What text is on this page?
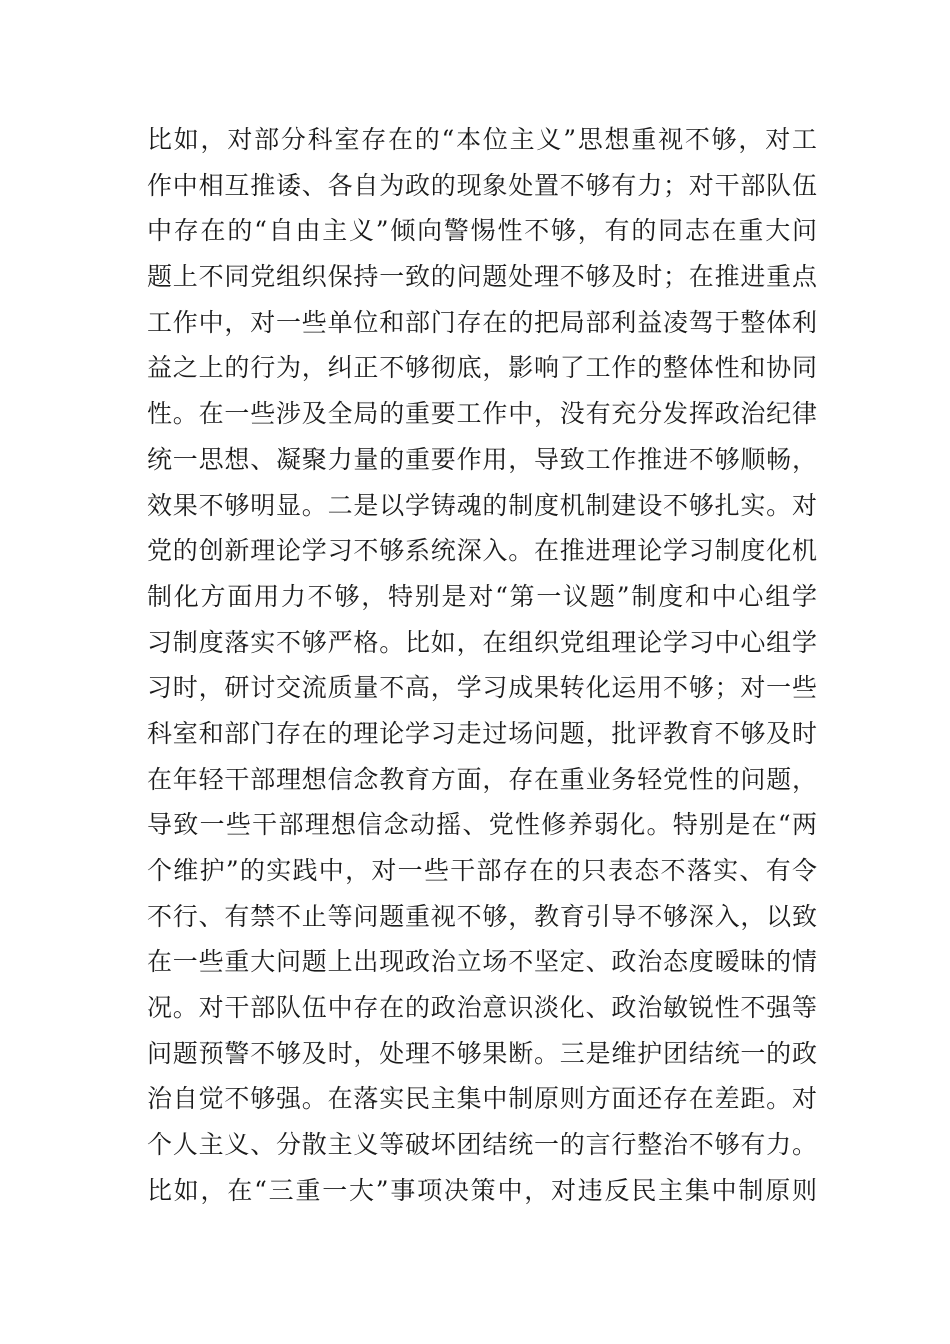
比如，对部分科室存在的“本位主义”思想重视不够，对工
作中相互推诿、各自为政的现象处置不够有力；对干部队伍
中存在的“自由主义”倾向警惕性不够，有的同志在重大问
题上不同党组织保持一致的问题处理不够及时；在推进重点
工作中，对一些单位和部门存在的把局部利益凌驾于整体利
益之上的行为，纠正不够彻底，影响了工作的整体性和协同
性。在一些涉及全局的重要工作中，没有充分发挥政治纪律
统一思想、凝聚力量的重要作用，导致工作推进不够顺畅，
效果不够明显。二是以学铸魂的制度机制建设不够扎实。对
党的创新理论学习不够系统深入。在推进理论学习制度化机
制化方面用力不够，特别是对“第一议题”制度和中心组学
习制度落实不够严格。比如，在组织党组理论学习中心组学
习时，研讨交流质量不高，学习成果转化运用不够；对一些
科室和部门存在的理论学习走过场问题，批评教育不够及时
在年轻干部理想信念教育方面，存在重业务轻党性的问题，
导致一些干部理想信念动摇、党性修养弱化。特别是在“两
个维护”的实践中，对一些干部存在的只表态不落实、有令
不行、有禁不止等问题重视不够，教育引导不够深入，以致
在一些重大问题上出现政治立场不坚定、政治态度暧昧的情
况。对干部队伍中存在的政治意识淡化、政治敏锐性不强等
问题预警不够及时，处理不够果断。三是维护团结统一的政
治自觉不够强。在落实民主集中制原则方面还存在差距。对
个人主义、分散主义等破坏团结统一的言行整治不够有力。
比如，在“三重一大”事项决策中，对违反民主集中制原则
